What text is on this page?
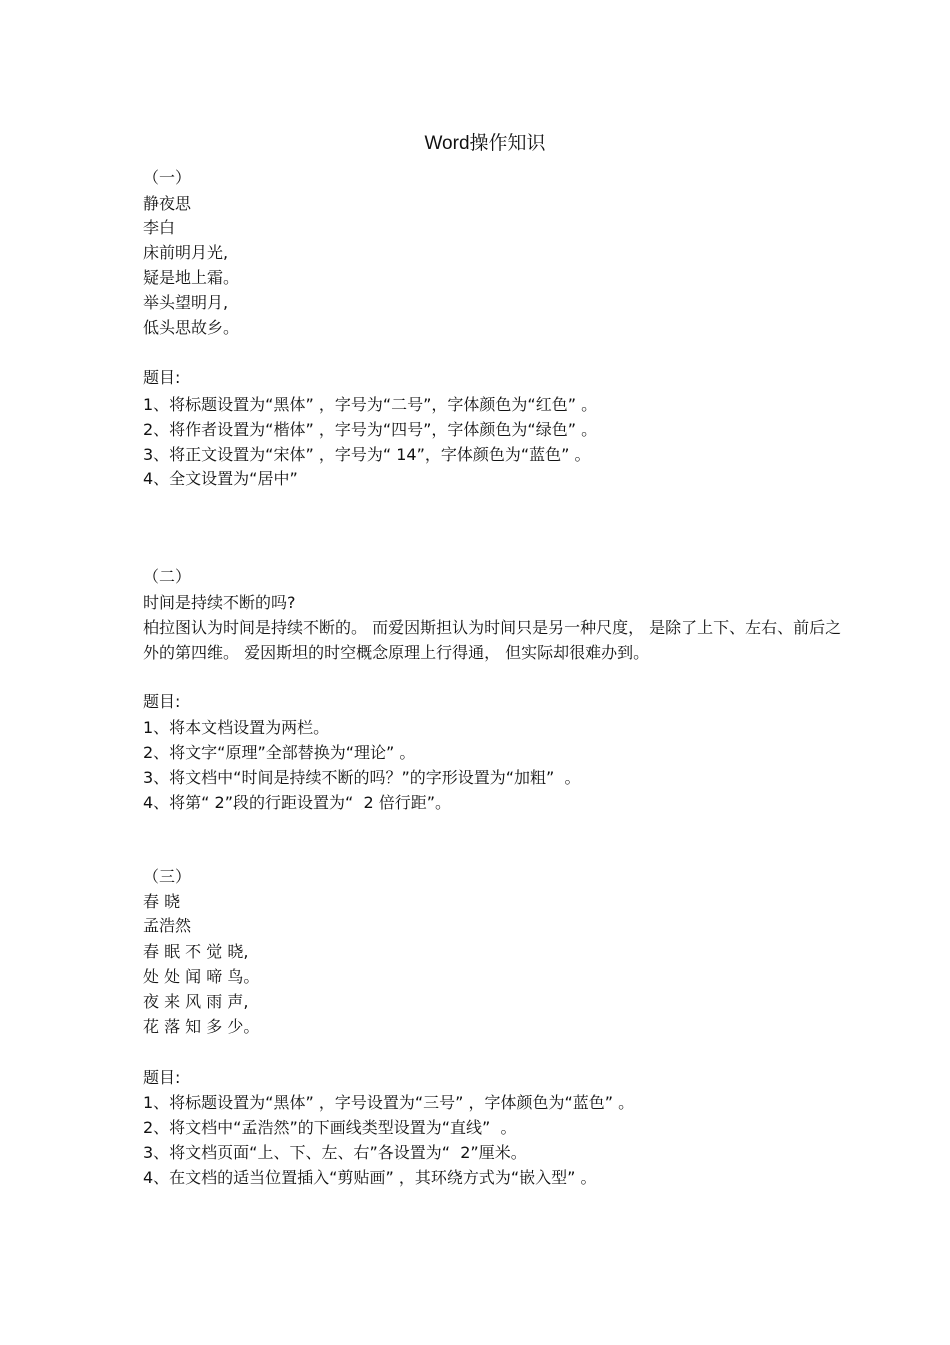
Word操作知识
（一）
静夜思
李白
床前明月光,
疑是地上霜。
举头望明月,
低头思故乡。
题目:
1、将标题设置为“黑体” ，字号为“二号”，字体颜色为“红色” 。
2、将作者设置为“楷体” ，字号为“四号”，字体颜色为“绿色” 。
3、将正文设置为“宋体” ，字号为“ 14”，字体颜色为“蓝色” 。
4、全文设置为“居中”
（二）
时间是持续不断的吗?
柏拉图认为时间是持续不断的。 而爱因斯担认为时间只是另一种尺度， 是除了上下、左右、前后之外的第四维。 爱因斯坦的时空概念原理上行得通， 但实际却很难办到。
题目:
1、将本文档设置为两栏。
2、将文字“原理”全部替换为“理论” 。
3、将文档中“时间是持续不断的吗？”的字形设置为“加粗”  。
4、将第“ 2”段的行距设置为“  2 倍行距”。
（三）
春 晓
孟浩然
春 眠 不 觉 晓,
处 处 闻 啼 鸟。
夜 来 风 雨 声,
花 落 知 多 少。
题目:
1、将标题设置为“黑体” ，字号设置为“三号” ，字体颜色为“蓝色” 。
2、将文档中“孟浩然”的下画线类型设置为“直线”  。
3、将文档页面“上、下、左、右”各设置为“  2”厘米。
4、在文档的适当位置插入“剪贴画” ，其环绕方式为“嵌入型” 。
